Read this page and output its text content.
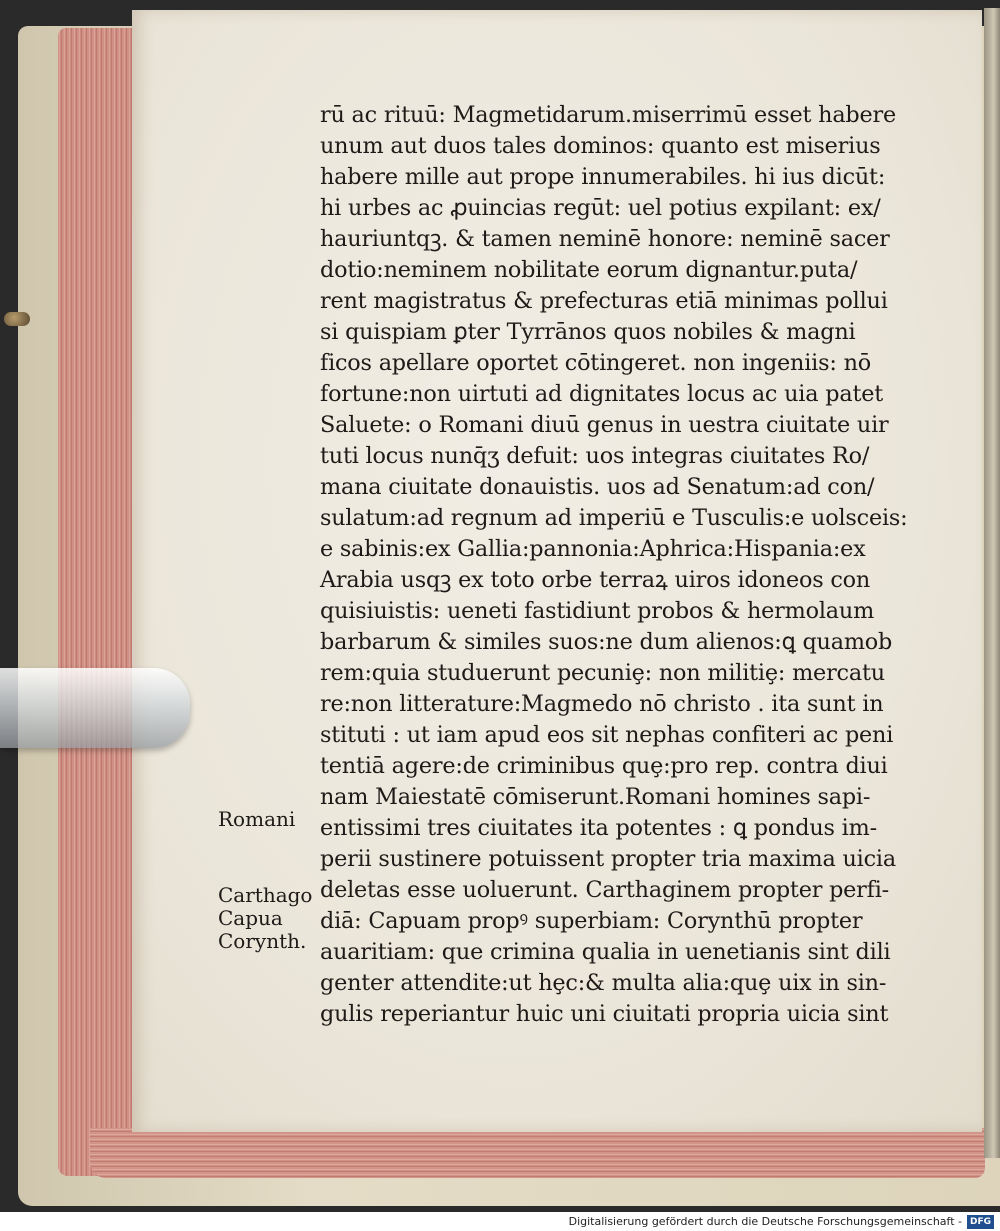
rū ac rituū: Magmetidarum.miserrimū esset habere
unum aut duos tales dominos: quanto est miserius
habere mille aut prope innumerabiles. hi ius dicūt:
hi urbes ac ꝓuincias regūt: uel potius expilant: ex/
hauriuntqꝫ. & tamen neminē honore: neminē sacer
dotio:neminem nobilitate eorum dignantur.puta/
rent magistratus & prefecturas etiā minimas pollui
si quispiam ꝑter Tyrrānos quos nobiles & magni
ficos apellare oportet cōtingeret. non ingeniis: nō
fortune:non uirtuti ad dignitates locus ac uia patet
Saluete: o Romani diuū genus in uestra ciuitate uir
tuti locus nunq̄ʒ defuit: uos integras ciuitates Ro/
mana ciuitate donauistis. uos ad Senatum:ad con/
sulatum:ad regnum ad imperiū e Tusculis:e uolsceis:
e sabinis:ex Gallia:pannonia:Aphrica:Hispania:ex
Arabia usqꝫ ex toto orbe terraꝝ uiros idoneos con
quisiuistis: ueneti fastidiunt probos & hermolaum
barbarum & similes suos:ne dum alienos:ꝗ quamob
rem:quia studuerunt pecuniȩ: non militiȩ: mercatu
re:non litterature:Magmedo nō christo . ita sunt in
stituti : ut iam apud eos sit nephas confiteri ac peni
tentiā agere:de criminibus quȩ:pro rep. contra diui
nam Maiestatē cōmiserunt.Romani homines sapi-
entissimi tres ciuitates ita potentes : ꝗ pondus im-
perii sustinere potuissent propter tria maxima uicia
deletas esse uoluerunt. Carthaginem propter perfi-
diā: Capuam propꝰ superbiam: Corynthū propter
auaritiam: que crimina qualia in uenetianis sint dili
genter attendite:ut hȩc:& multa alia:quȩ uix in sin-
gulis reperiantur huic uni ciuitati propria uicia sint
Romani
Carthago
Capua
Corynth.
Digitalisierung gefördert durch die Deutsche Forschungsgemeinschaft - DFG
